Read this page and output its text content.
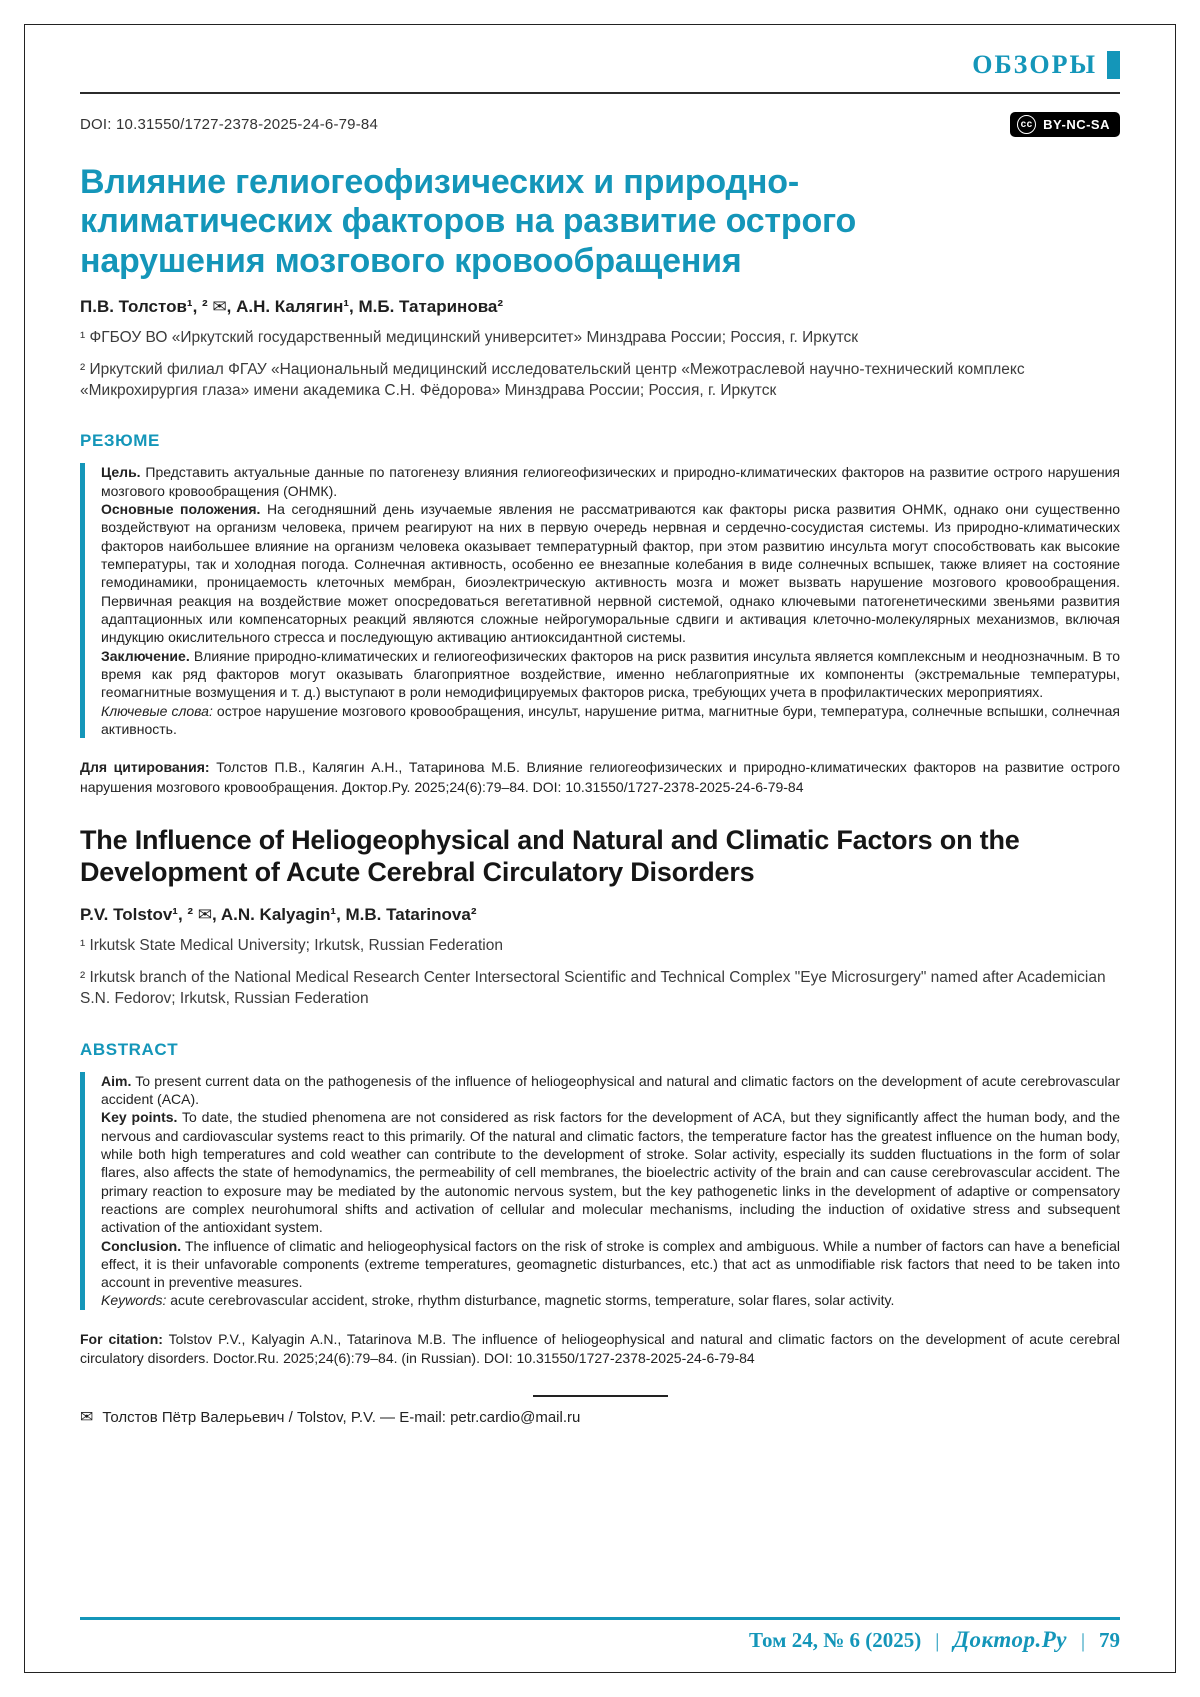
ОБЗОРЫ
DOI: 10.31550/1727-2378-2025-24-6-79-84	cc BY-NC-SA
Влияние гелиогеофизических и природно-климатических факторов на развитие острого нарушения мозгового кровообращения
П.В. Толстов¹, ² ✉, А.Н. Калягин¹, М.Б. Татаринова²
¹ ФГБОУ ВО «Иркутский государственный медицинский университет» Минздрава России; Россия, г. Иркутск
² Иркутский филиал ФГАУ «Национальный медицинский исследовательский центр «Межотраслевой научно-технический комплекс «Микрохирургия глаза» имени академика С.Н. Фёдорова» Минздрава России; Россия, г. Иркутск
РЕЗЮМЕ

Цель. Представить актуальные данные по патогенезу влияния гелиогеофизических и природно-климатических факторов на развитие острого нарушения мозгового кровообращения (ОНМК).

Основные положения. На сегодняшний день изучаемые явления не рассматриваются как факторы риска развития ОНМК, однако они существенно воздействуют на организм человека, причем реагируют на них в первую очередь нервная и сердечно-сосудистая системы. Из природно-климатических факторов наибольшее влияние на организм человека оказывает температурный фактор, при этом развитию инсульта могут способствовать как высокие температуры, так и холодная погода. Солнечная активность, особенно ее внезапные колебания в виде солнечных вспышек, также влияет на состояние гемодинамики, проницаемость клеточных мембран, биоэлектрическую активность мозга и может вызвать нарушение мозгового кровообращения. Первичная реакция на воздействие может опосредоваться вегетативной нервной системой, однако ключевыми патогенетическими звеньями развития адаптационных или компенсаторных реакций являются сложные нейрогуморальные сдвиги и активация клеточно-молекулярных механизмов, включая индукцию окислительного стресса и последующую активацию антиоксидантной системы.

Заключение. Влияние природно-климатических и гелиогеофизических факторов на риск развития инсульта является комплексным и неоднозначным. В то время как ряд факторов могут оказывать благоприятное воздействие, именно неблагоприятные их компоненты (экстремальные температуры, геомагнитные возмущения и т. д.) выступают в роли немодифицируемых факторов риска, требующих учета в профилактических мероприятиях.

Ключевые слова: острое нарушение мозгового кровообращения, инсульт, нарушение ритма, магнитные бури, температура, солнечные вспышки, солнечная активность.

Для цитирования: Толстов П.В., Калягин А.Н., Татаринова М.Б. Влияние гелиогеофизических и природно-климатических факторов на развитие острого нарушения мозгового кровообращения. Доктор.Ру. 2025;24(6):79–84. DOI: 10.31550/1727-2378-2025-24-6-79-84

The Influence of Heliogeophysical and Natural and Climatic Factors on the Development of Acute Cerebral Circulatory Disorders
P.V. Tolstov¹, ² ✉, A.N. Kalyagin¹, M.B. Tatarinova²
¹ Irkutsk State Medical University; Irkutsk, Russian Federation
² Irkutsk branch of the National Medical Research Center Intersectoral Scientific and Technical Complex "Eye Microsurgery" named after Academician S.N. Fedorov; Irkutsk, Russian Federation
ABSTRACT

Aim. To present current data on the pathogenesis of the influence of heliogeophysical and natural and climatic factors on the development of acute cerebrovascular accident (ACA).

Key points. To date, the studied phenomena are not considered as risk factors for the development of ACA, but they significantly affect the human body, and the nervous and cardiovascular systems react to this primarily. Of the natural and climatic factors, the temperature factor has the greatest influence on the human body, while both high temperatures and cold weather can contribute to the development of stroke. Solar activity, especially its sudden fluctuations in the form of solar flares, also affects the state of hemodynamics, the permeability of cell membranes, the bioelectric activity of the brain and can cause cerebrovascular accident. The primary reaction to exposure may be mediated by the autonomic nervous system, but the key pathogenetic links in the development of adaptive or compensatory reactions are complex neurohumoral shifts and activation of cellular and molecular mechanisms, including the induction of oxidative stress and subsequent activation of the antioxidant system.

Conclusion. The influence of climatic and heliogeophysical factors on the risk of stroke is complex and ambiguous. While a number of factors can have a beneficial effect, it is their unfavorable components (extreme temperatures, geomagnetic disturbances, etc.) that act as unmodifiable risk factors that need to be taken into account in preventive measures.

Keywords: acute cerebrovascular accident, stroke, rhythm disturbance, magnetic storms, temperature, solar flares, solar activity.

For citation: Tolstov P.V., Kalyagin A.N., Tatarinova M.B. The influence of heliogeophysical and natural and climatic factors on the development of acute cerebral circulatory disorders. Doctor.Ru. 2025;24(6):79–84. (in Russian). DOI: 10.31550/1727-2378-2025-24-6-79-84

✉ Толстов Пётр Валерьевич / Tolstov, P.V. — E-mail: petr.cardio@mail.ru
Том 24, № 6 (2025) | Доктор.Ру | 79
